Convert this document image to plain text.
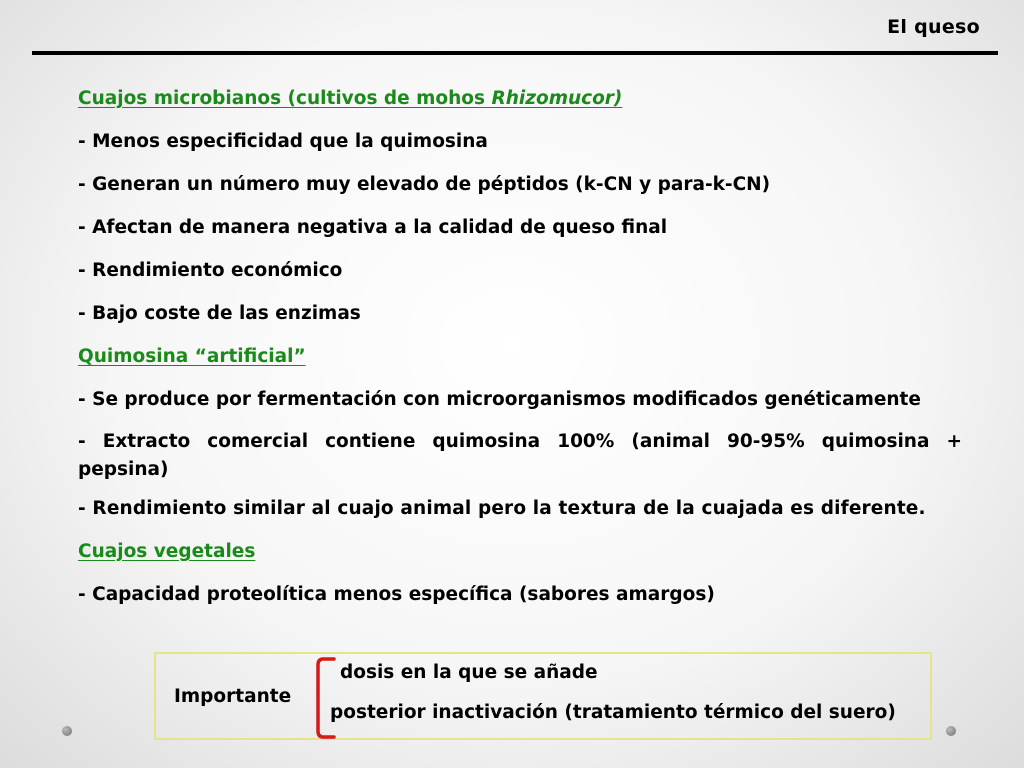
El queso
Cuajos microbianos (cultivos de mohos Rhizomucor)
- Menos especificidad que la quimosina
- Generan un número muy elevado de péptidos (k-CN y para-k-CN)
- Afectan de manera negativa a la calidad de queso final
- Rendimiento económico
- Bajo coste de las enzimas
Quimosina “artificial”
- Se produce por fermentación con microorganismos modificados genéticamente
- Extracto comercial contiene quimosina 100% (animal 90-95% quimosina + pepsina)
- Rendimiento similar al cuajo animal pero la textura de la cuajada es diferente.
Cuajos vegetales
- Capacidad proteolítica menos específica (sabores amargos)
Importante
dosis en la que se añade
posterior inactivación (tratamiento térmico del suero)
